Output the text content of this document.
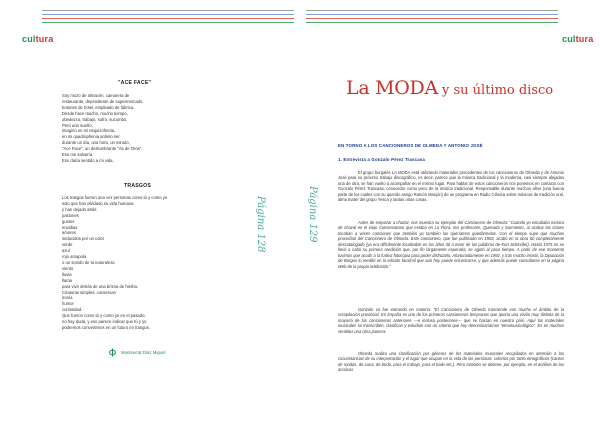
cultura
"ACE FACE"
Soy mozo de almacén, camarera de
restaurante, dependiente de supermercado,
botones de hotel, empleado de fábrica.
Desde hace mucho, mucho tiempo,
obedezco, trabajo, sufro, sucumbo.
Pero aún sueño,
imagino en mi esquizofrenia,
en mi quadrophenia anhelo ser
durante un día, una hora, un minuto,
"Ace Face", un deslumbrante "As de Oros".
Eso me salvaría.
Eso daría sentido a mi vida.
TRASGOS
Los trasgos fueron una vez personas como tú y como yo
solo que han olvidado su vida humana
y han dejado atrás
pasiones
gustos
envidias
amores
seducidos por un color
verde
azul
rojo amapola
o un sonido de la naturaleza
viento
lluvia
llama
para vivir detrás de una brizna de hierba.
Criaturas simples, conservan
ironía
humor
curiosidad.
Que fueron como tú y como yo en el pasado,
no hay duda, y eso parece indicar que tú y yo
podremos convertirnos en un futuro en trasgos.
Montserrat Díaz Miguel
Página 128
cultura
Página 129
La MODA y su último disco
EN TORNO A LOS CANCIONEROS DE OLMEDA Y ANTONIO JOSÉ
1. Entrevista a Gonzalo Pérez Trascasa

El grupo burgalés LA MODA está utilizando materiales procedentes de los cancioneros de Olmeda y de Antonio José para su próximo trabajo discográfico, es decir, parece que la música tradicional y la moderna, casi siempre alejadas una de otra, se han vuelto a acompañar en el mismo lugar. Para hablar de estos cancioneros nos ponemos en contacto con Gonzalo Pérez Trascasa, conocedor como poco de la música tradicional. Responsable durante muchos años (una buena parte de los cuales con su querido amigo Ramón Manjón) de un programa en Radio Clásica sobre músicas de tradición oral, alma mater del grupo Yesca y tantas otras cosas.

Antes de empezar a charlar, nos muestra su ejemplar del Cancionero de Olmeda: "Cuando yo estudiaba música de chaval en el viejo Conservatorio que estaba en La Flora, mis profesores, Quesada y Sarmiento, al acabar las clases tocaban a veces canciones que también yo también las queríamos quedármelas. Con el tiempo supe que muchas procedían del Cancionero de Olmeda. Este cancionero, que fue publicado en 1903, acabó en la obra 60 completamente descatalogado (ya era difícilmente localizable en los años 30 a tenor de las palabras de Kurt Schindler). Hasta 1975 no se llevó a cabo su primera reedición que, por fin largamente esperada, se agotó al poco tiempo. A partir de ese momento tuvimos que acudir a la furtiva fotocopia para poder disfrutarlo. Afortunadamente en 1992, y tras mucho insistir, la Diputación de Burgos lo reeditó en la edición facsímil que aún hoy puede encontrarse, y que además puede consultarse en la página Web de la propia institución."

Gonzalo va fue entrando en materia: "El Cancionero de Olmeda trasciende con mucho el ámbito de la recopilación provincial. En España es uno de los primeros cancioneros tempranos que aporta una visión muy distinta de la mayoría de los cancioneros anteriores —e incluso posteriores— que se hacían en nuestro país. Aquí los materiales musicales se transcriben, clasifican y estudian con un criterio que hoy denominaríamos "etnomusicológico". Es en muchos sentidos una obra pionera.

Olmeda realiza una clasificación por géneros de los materiales musicales recopilados en atención a las circunstancias de su interpretación y el lugar que ocupan en la vida de las personas, criterios por tanto etnográficos (cantos de rondas, de cuna, de boda, para el trabajo, para el baile etc.). Pero también se detiene, por ejemplo, en el análisis de las arcaicas
